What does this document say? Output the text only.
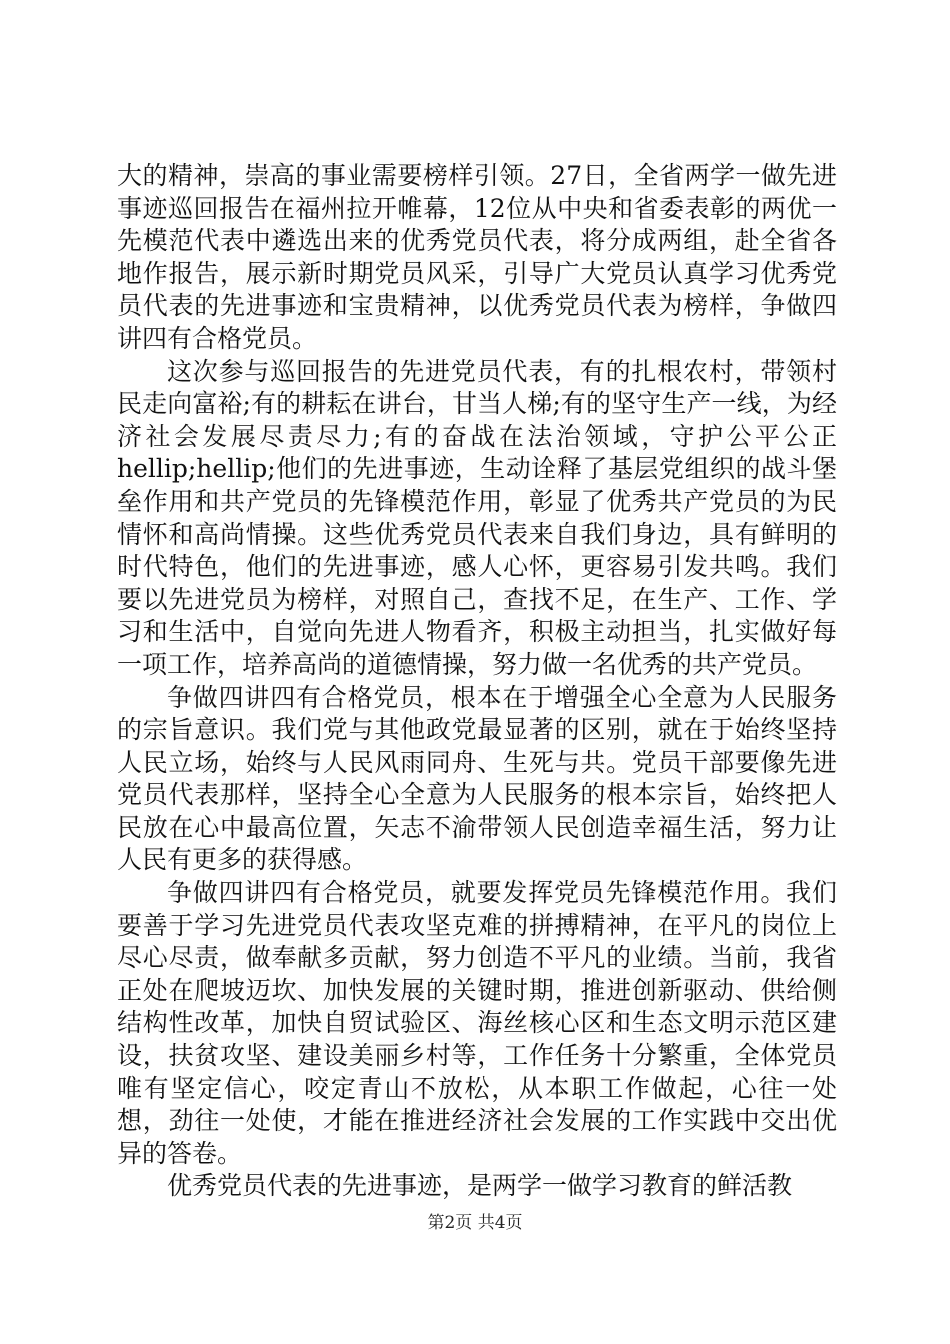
大的精神，崇高的事业需要榜样引领。27日，全省两学一做先进事迹巡回报告在福州拉开帷幕，12位从中央和省委表彰的两优一先模范代表中遴选出来的优秀党员代表，将分成两组，赴全省各地作报告，展示新时期党员风采，引导广大党员认真学习优秀党员代表的先进事迹和宝贵精神，以优秀党员代表为榜样，争做四讲四有合格党员。

这次参与巡回报告的先进党员代表，有的扎根农村，带领村民走向富裕;有的耕耘在讲台，甘当人梯;有的坚守生产一线，为经济社会发展尽责尽力;有的奋战在法治领域，守护公平公正hellip;hellip;他们的先进事迹，生动诠释了基层党组织的战斗堡垒作用和共产党员的先锋模范作用，彰显了优秀共产党员的为民情怀和高尚情操。这些优秀党员代表来自我们身边，具有鲜明的时代特色，他们的先进事迹，感人心怀，更容易引发共鸣。我们要以先进党员为榜样，对照自己，查找不足，在生产、工作、学习和生活中，自觉向先进人物看齐，积极主动担当，扎实做好每一项工作，培养高尚的道德情操，努力做一名优秀的共产党员。

争做四讲四有合格党员，根本在于增强全心全意为人民服务的宗旨意识。我们党与其他政党最显著的区别，就在于始终坚持人民立场，始终与人民风雨同舟、生死与共。党员干部要像先进党员代表那样，坚持全心全意为人民服务的根本宗旨，始终把人民放在心中最高位置，矢志不渝带领人民创造幸福生活，努力让人民有更多的获得感。

争做四讲四有合格党员，就要发挥党员先锋模范作用。我们要善于学习先进党员代表攻坚克难的拼搏精神，在平凡的岗位上尽心尽责，做奉献多贡献，努力创造不平凡的业绩。当前，我省正处在爬坡迈坎、加快发展的关键时期，推进创新驱动、供给侧结构性改革，加快自贸试验区、海丝核心区和生态文明示范区建设，扶贫攻坚、建设美丽乡村等，工作任务十分繁重，全体党员唯有坚定信心，咬定青山不放松，从本职工作做起，心往一处想，劲往一处使，才能在推进经济社会发展的工作实践中交出优异的答卷。

优秀党员代表的先进事迹，是两学一做学习教育的鲜活教

第2页 共4页
